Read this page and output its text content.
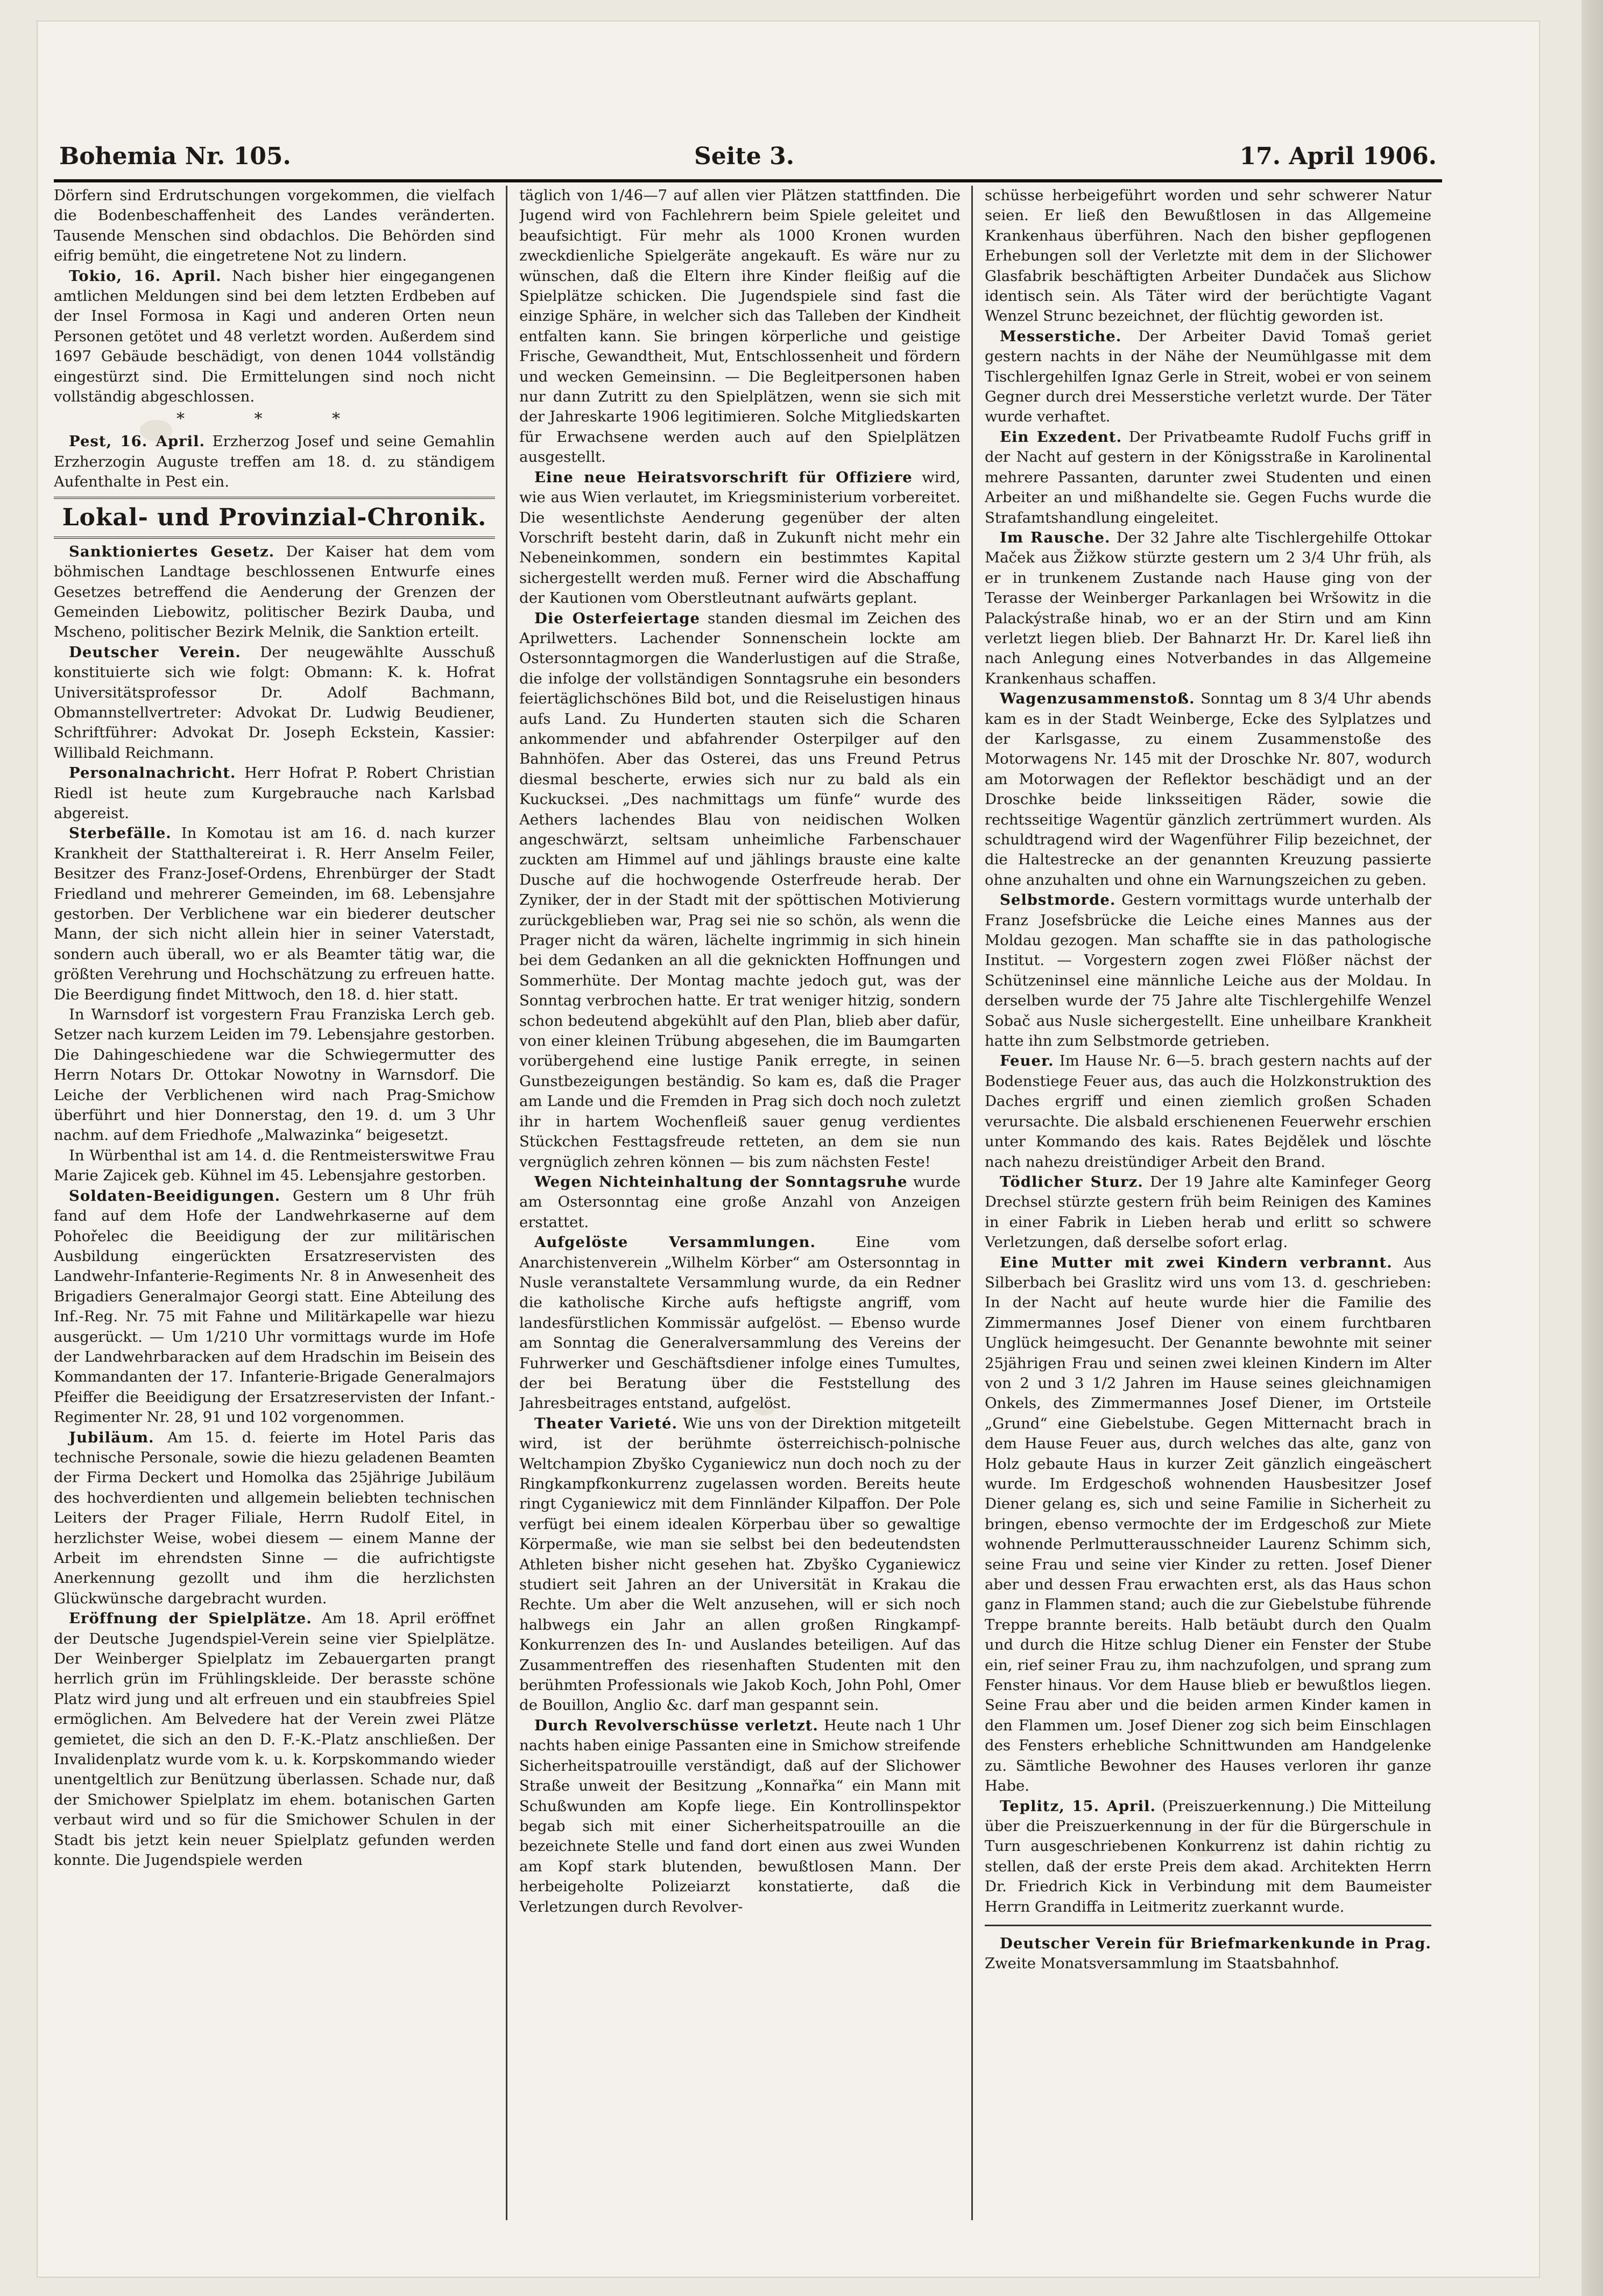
Bohemia Nr. 105.	Seite 3.	17. April 1906.

Dörfern sind Erdrutschungen vorgekommen, die vielfach die Bodenbeschaffenheit des Landes veränderten. Tausende Menschen sind obdachlos. Die Behörden sind eifrig bemüht, die eingetretene Not zu lindern.

Tokio, 16. April. Nach bisher hier eingegangenen amtlichen Meldungen sind bei dem letzten Erdbeben auf der Insel Formosa in Kagi und anderen Orten neun Personen getötet und 48 verletzt worden. Außerdem sind 1697 Gebäude beschädigt, von denen 1044 vollständig eingestürzt sind. Die Ermittelungen sind noch nicht vollständig abgeschlossen.

* * *

Pest, 16. April. Erzherzog Josef und seine Gemahlin Erzherzogin Auguste treffen am 18. d. zu ständigem Aufenthalte in Pest ein.

Lokal- und Provinzial-Chronik.

Sanktioniertes Gesetz. Der Kaiser hat dem vom böhmischen Landtage beschlossenen Entwurfe eines Gesetzes betreffend die Aenderung der Grenzen der Gemeinden Liebowitz, politischer Bezirk Dauba, und Mscheno, politischer Bezirk Melnik, die Sanktion erteilt.

Deutscher Verein. Der neugewählte Ausschuß konstituierte sich wie folgt: Obmann: K. k. Hofrat Universitätsprofessor Dr. Adolf Bachmann, Obmannstellvertreter: Advokat Dr. Ludwig Beudiener, Schriftführer: Advokat Dr. Joseph Eckstein, Kassier: Willibald Reichmann.

Personalnachricht. Herr Hofrat P. Robert Christian Riedl ist heute zum Kurgebrauche nach Karlsbad abgereist.

Sterbefälle. In Komotau ist am 16. d. nach kurzer Krankheit der Statthaltereirat i. R. Herr Anselm Feiler, Besitzer des Franz-Josef-Ordens, Ehrenbürger der Stadt Friedland und mehrerer Gemeinden, im 68. Lebensjahre gestorben. Der Verblichene war ein biederer deutscher Mann, der sich nicht allein hier in seiner Vaterstadt, sondern auch überall, wo er als Beamter tätig war, die größten Verehrung und Hochschätzung zu erfreuen hatte. Die Beerdigung findet Mittwoch, den 18. d. hier statt.

In Warnsdorf ist vorgestern Frau Franziska Lerch geb. Setzer nach kurzem Leiden im 79. Lebensjahre gestorben. Die Dahingeschiedene war die Schwiegermutter des Herrn Notars Dr. Ottokar Nowotny in Warnsdorf. Die Leiche der Verblichenen wird nach Prag-Smichow überführt und hier Donnerstag, den 19. d. um 3 Uhr nachm. auf dem Friedhofe „Malwazinka“ beigesetzt.

In Würbenthal ist am 14. d. die Rentmeisterswitwe Frau Marie Zajicek geb. Kühnel im 45. Lebensjahre gestorben.

Soldaten-Beeidigungen. Gestern um 8 Uhr früh fand auf dem Hofe der Landwehrkaserne auf dem Pohořelec die Beeidigung der zur militärischen Ausbildung eingerückten Ersatzreservisten des Landwehr-Infanterie-Regiments Nr. 8 in Anwesenheit des Brigadiers Generalmajor Georgi statt. Eine Abteilung des Inf.-Reg. Nr. 75 mit Fahne und Militärkapelle war hiezu ausgerückt. — Um 1/210 Uhr vormittags wurde im Hofe der Landwehrbaracken auf dem Hradschin im Beisein des Kommandanten der 17. Infanterie-Brigade Generalmajors Pfeiffer die Beeidigung der Ersatzreservisten der Infant.-Regimenter Nr. 28, 91 und 102 vorgenommen.

Jubiläum. Am 15. d. feierte im Hotel Paris das technische Personale, sowie die hiezu geladenen Beamten der Firma Deckert und Homolka das 25jährige Jubiläum des hochverdienten und allgemein beliebten technischen Leiters der Prager Filiale, Herrn Rudolf Eitel, in herzlichster Weise, wobei diesem — einem Manne der Arbeit im ehrendsten Sinne — die aufrichtigste Anerkennung gezollt und ihm die herzlichsten Glückwünsche dargebracht wurden.

Eröffnung der Spielplätze. Am 18. April eröffnet der Deutsche Jugendspiel-Verein seine vier Spielplätze. Der Weinberger Spielplatz im Zebauergarten prangt herrlich grün im Frühlingskleide. Der berasste schöne Platz wird jung und alt erfreuen und ein staubfreies Spiel ermöglichen. Am Belvedere hat der Verein zwei Plätze gemietet, die sich an den D. F.-K.-Platz anschließen. Der Invalidenplatz wurde vom k. u. k. Korpskommando wieder unentgeltlich zur Benützung überlassen. Schade nur, daß der Smichower Spielplatz im ehem. botanischen Garten verbaut wird und so für die Smichower Schulen in der Stadt bis jetzt kein neuer Spielplatz gefunden werden konnte. Die Jugendspiele werden

täglich von 1/46—7 auf allen vier Plätzen stattfinden. Die Jugend wird von Fachlehrern beim Spiele geleitet und beaufsichtigt. Für mehr als 1000 Kronen wurden zweckdienliche Spielgeräte angekauft. Es wäre nur zu wünschen, daß die Eltern ihre Kinder fleißig auf die Spielplätze schicken. Die Jugendspiele sind fast die einzige Sphäre, in welcher sich das Talleben der Kindheit entfalten kann. Sie bringen körperliche und geistige Frische, Gewandtheit, Mut, Entschlossenheit und fördern und wecken Gemeinsinn. — Die Begleitpersonen haben nur dann Zutritt zu den Spielplätzen, wenn sie sich mit der Jahreskarte 1906 legitimieren. Solche Mitgliedskarten für Erwachsene werden auch auf den Spielplätzen ausgestellt.

Eine neue Heiratsvorschrift für Offiziere wird, wie aus Wien verlautet, im Kriegsministerium vorbereitet. Die wesentlichste Aenderung gegenüber der alten Vorschrift besteht darin, daß in Zukunft nicht mehr ein Nebeneinkommen, sondern ein bestimmtes Kapital sichergestellt werden muß. Ferner wird die Abschaffung der Kautionen vom Oberstleutnant aufwärts geplant.

Die Osterfeiertage standen diesmal im Zeichen des Aprilwetters. Lachender Sonnenschein lockte am Ostersonntagmorgen die Wanderlustigen auf die Straße, die infolge der vollständigen Sonntagsruhe ein besonders feiertäglichschönes Bild bot, und die Reiselustigen hinaus aufs Land. Zu Hunderten stauten sich die Scharen ankommender und abfahrender Osterpilger auf den Bahnhöfen. Aber das Osterei, das uns Freund Petrus diesmal bescherte, erwies sich nur zu bald als ein Kuckucksei. „Des nachmittags um fünfe“ wurde des Aethers lachendes Blau von neidischen Wolken angeschwärzt, seltsam unheimliche Farbenschauer zuckten am Himmel auf und jählings brauste eine kalte Dusche auf die hochwogende Osterfreude herab. Der Zyniker, der in der Stadt mit der spöttischen Motivierung zurückgeblieben war, Prag sei nie so schön, als wenn die Prager nicht da wären, lächelte ingrimmig in sich hinein bei dem Gedanken an all die geknickten Hoffnungen und Sommerhüte. Der Montag machte jedoch gut, was der Sonntag verbrochen hatte. Er trat weniger hitzig, sondern schon bedeutend abgekühlt auf den Plan, blieb aber dafür, von einer kleinen Trübung abgesehen, die im Baumgarten vorübergehend eine lustige Panik erregte, in seinen Gunstbezeigungen beständig. So kam es, daß die Prager am Lande und die Fremden in Prag sich doch noch zuletzt ihr in hartem Wochenfleiß sauer genug verdientes Stückchen Festtagsfreude retteten, an dem sie nun vergnüglich zehren können — bis zum nächsten Feste!

Wegen Nichteinhaltung der Sonntagsruhe wurde am Ostersonntag eine große Anzahl von Anzeigen erstattet.

Aufgelöste Versammlungen.	Eine vom Anarchistenverein „Wilhelm Körber“ am Ostersonntag in Nusle veranstaltete Versammlung wurde, da ein Redner die katholische Kirche aufs heftigste angriff, vom landesfürstlichen Kommissär aufgelöst. — Ebenso wurde am Sonntag die Generalversammlung des Vereins der Fuhrwerker und Geschäftsdiener infolge eines Tumultes, der bei Beratung über die Feststellung des Jahresbeitrages entstand, aufgelöst.

Theater Varieté. Wie uns von der Direktion mitgeteilt wird, ist der berühmte österreichisch-polnische Weltchampion Zbyško Cyganiewicz nun doch noch zu der Ringkampfkonkurrenz zugelassen worden. Bereits heute ringt Cyganiewicz mit dem Finnländer Kilpaffon. Der Pole verfügt bei einem idealen Körperbau über so gewaltige Körpermaße, wie man sie selbst bei den bedeutendsten Athleten bisher nicht gesehen hat. Zbyško Cyganiewicz studiert seit Jahren an der Universität in Krakau die Rechte. Um aber die Welt anzusehen, will er sich noch halbwegs ein Jahr an allen großen Ringkampf-Konkurrenzen des In- und Auslandes beteiligen. Auf das Zusammentreffen des riesenhaften Studenten mit den berühmten Professionals wie Jakob Koch, John Pohl, Omer de Bouillon, Anglio &c. darf man gespannt sein.

Durch Revolverschüsse verletzt. Heute nach 1 Uhr nachts haben einige Passanten eine in Smichow streifende Sicherheitspatrouille verständigt, daß auf der Slichower Straße unweit der Besitzung „Konnařka“ ein Mann mit Schußwunden am Kopfe liege. Ein Kontrollinspektor begab sich mit einer Sicherheitspatrouille an die bezeichnete Stelle und fand dort einen aus zwei Wunden am Kopf stark blutenden, bewußtlosen Mann. Der herbeigeholte Polizeiarzt konstatierte, daß die Verletzungen durch Revolver-

schüsse herbeigeführt worden und sehr schwerer Natur seien. Er ließ den Bewußtlosen in das Allgemeine Krankenhaus überführen. Nach den bisher gepflogenen Erhebungen soll der Verletzte mit dem in der Slichower Glasfabrik beschäftigten Arbeiter Dundaček aus Slichow identisch sein. Als Täter wird der berüchtigte Vagant Wenzel Strunc bezeichnet, der flüchtig geworden ist.

Messerstiche. Der Arbeiter David Tomaš geriet gestern nachts in der Nähe der Neumühlgasse mit dem Tischlergehilfen Ignaz Gerle in Streit, wobei er von seinem Gegner durch drei Messerstiche verletzt wurde. Der Täter wurde verhaftet.

Ein Exzedent. Der Privatbeamte Rudolf Fuchs griff in der Nacht auf gestern in der Königsstraße in Karolinental mehrere Passanten, darunter zwei Studenten und einen Arbeiter an und mißhandelte sie. Gegen Fuchs wurde die Strafamtshandlung eingeleitet.

Im Rausche. Der 32 Jahre alte Tischlergehilfe Ottokar Maček aus Žižkow stürzte gestern um 2 3/4 Uhr früh, als er in trunkenem Zustande nach Hause ging von der Terasse der Weinberger Parkanlagen bei Wršowitz in die Palackýstraße hinab, wo er an der Stirn und am Kinn verletzt liegen blieb. Der Bahnarzt Hr. Dr. Karel ließ ihn nach Anlegung eines Notverbandes in das Allgemeine Krankenhaus schaffen.

Wagenzusammenstoß. Sonntag um 8 3/4 Uhr abends kam es in der Stadt Weinberge, Ecke des Sylplatzes und der Karlsgasse, zu einem Zusammenstoße des Motorwagens Nr. 145 mit der Droschke Nr. 807, wodurch am Motorwagen der Reflektor beschädigt und an der Droschke beide linksseitigen Räder, sowie die rechtsseitige Wagentür gänzlich zertrümmert wurden. Als schuldtragend wird der Wagenführer Filip bezeichnet, der die Haltestrecke an der genannten Kreuzung passierte ohne anzuhalten und ohne ein Warnungszeichen zu geben.

Selbstmorde. Gestern vormittags wurde unterhalb der Franz Josefsbrücke die Leiche eines Mannes aus der Moldau gezogen. Man schaffte sie in das pathologische Institut. — Vorgestern zogen zwei Flößer nächst der Schützeninsel eine männliche Leiche aus der Moldau. In derselben wurde der 75 Jahre alte Tischlergehilfe Wenzel Sobač aus Nusle sichergestellt. Eine unheilbare Krankheit hatte ihn zum Selbstmorde getrieben.

Feuer. Im Hause Nr. 6—5. brach gestern nachts auf der Bodenstiege Feuer aus, das auch die Holzkonstruktion des Daches ergriff und einen ziemlich großen Schaden verursachte. Die alsbald erschienenen Feuerwehr erschien unter Kommando des kais. Rates Bejdělek und löschte nach nahezu dreistündiger Arbeit den Brand.

Tödlicher Sturz. Der 19 Jahre alte Kaminfeger Georg Drechsel stürzte gestern früh beim Reinigen des Kamines in einer Fabrik in Lieben herab und erlitt so schwere Verletzungen, daß derselbe sofort erlag.

Eine Mutter mit zwei Kindern verbrannt. Aus Silberbach bei Graslitz wird uns vom 13. d. geschrieben: In der Nacht auf heute wurde hier die Familie des Zimmermannes Josef Diener von einem furchtbaren Unglück heimgesucht. Der Genannte bewohnte mit seiner 25jährigen Frau und seinen zwei kleinen Kindern im Alter von 2 und 3 1/2 Jahren im Hause seines gleichnamigen Onkels, des Zimmermannes Josef Diener, im Ortsteile „Grund“ eine Giebelstube. Gegen Mitternacht brach in dem Hause Feuer aus, durch welches das alte, ganz von Holz gebaute Haus in kurzer Zeit gänzlich eingeäschert wurde. Im Erdgeschoß wohnenden Hausbesitzer Josef Diener gelang es, sich und seine Familie in Sicherheit zu bringen, ebenso vermochte der im Erdgeschoß zur Miete wohnende Perlmutterausschneider Laurenz Schimm sich, seine Frau und seine vier Kinder zu retten. Josef Diener aber und dessen Frau erwachten erst, als das Haus schon ganz in Flammen stand; auch die zur Giebelstube führende Treppe brannte bereits. Halb betäubt durch den Qualm und durch die Hitze schlug Diener ein Fenster der Stube ein, rief seiner Frau zu, ihm nachzufolgen, und sprang zum Fenster hinaus. Vor dem Hause blieb er bewußtlos liegen. Seine Frau aber und die beiden armen Kinder kamen in den Flammen um. Josef Diener zog sich beim Einschlagen des Fensters erhebliche Schnittwunden am Handgelenke zu. Sämtliche Bewohner des Hauses verloren ihr ganze Habe.

Teplitz, 15. April. (Preiszuerkennung.) Die Mitteilung über die Preiszuerkennung in der für die Bürgerschule in Turn ausgeschriebenen Konkurrenz ist dahin richtig zu stellen, daß der erste Preis dem akad. Architekten Herrn Dr. Friedrich Kick in Verbindung mit dem Baumeister Herrn Grandiffa in Leitmeritz zuerkannt wurde.

Deutscher Verein für Briefmarkenkunde in Prag. Zweite Monatsversammlung im Staatsbahnhof.
